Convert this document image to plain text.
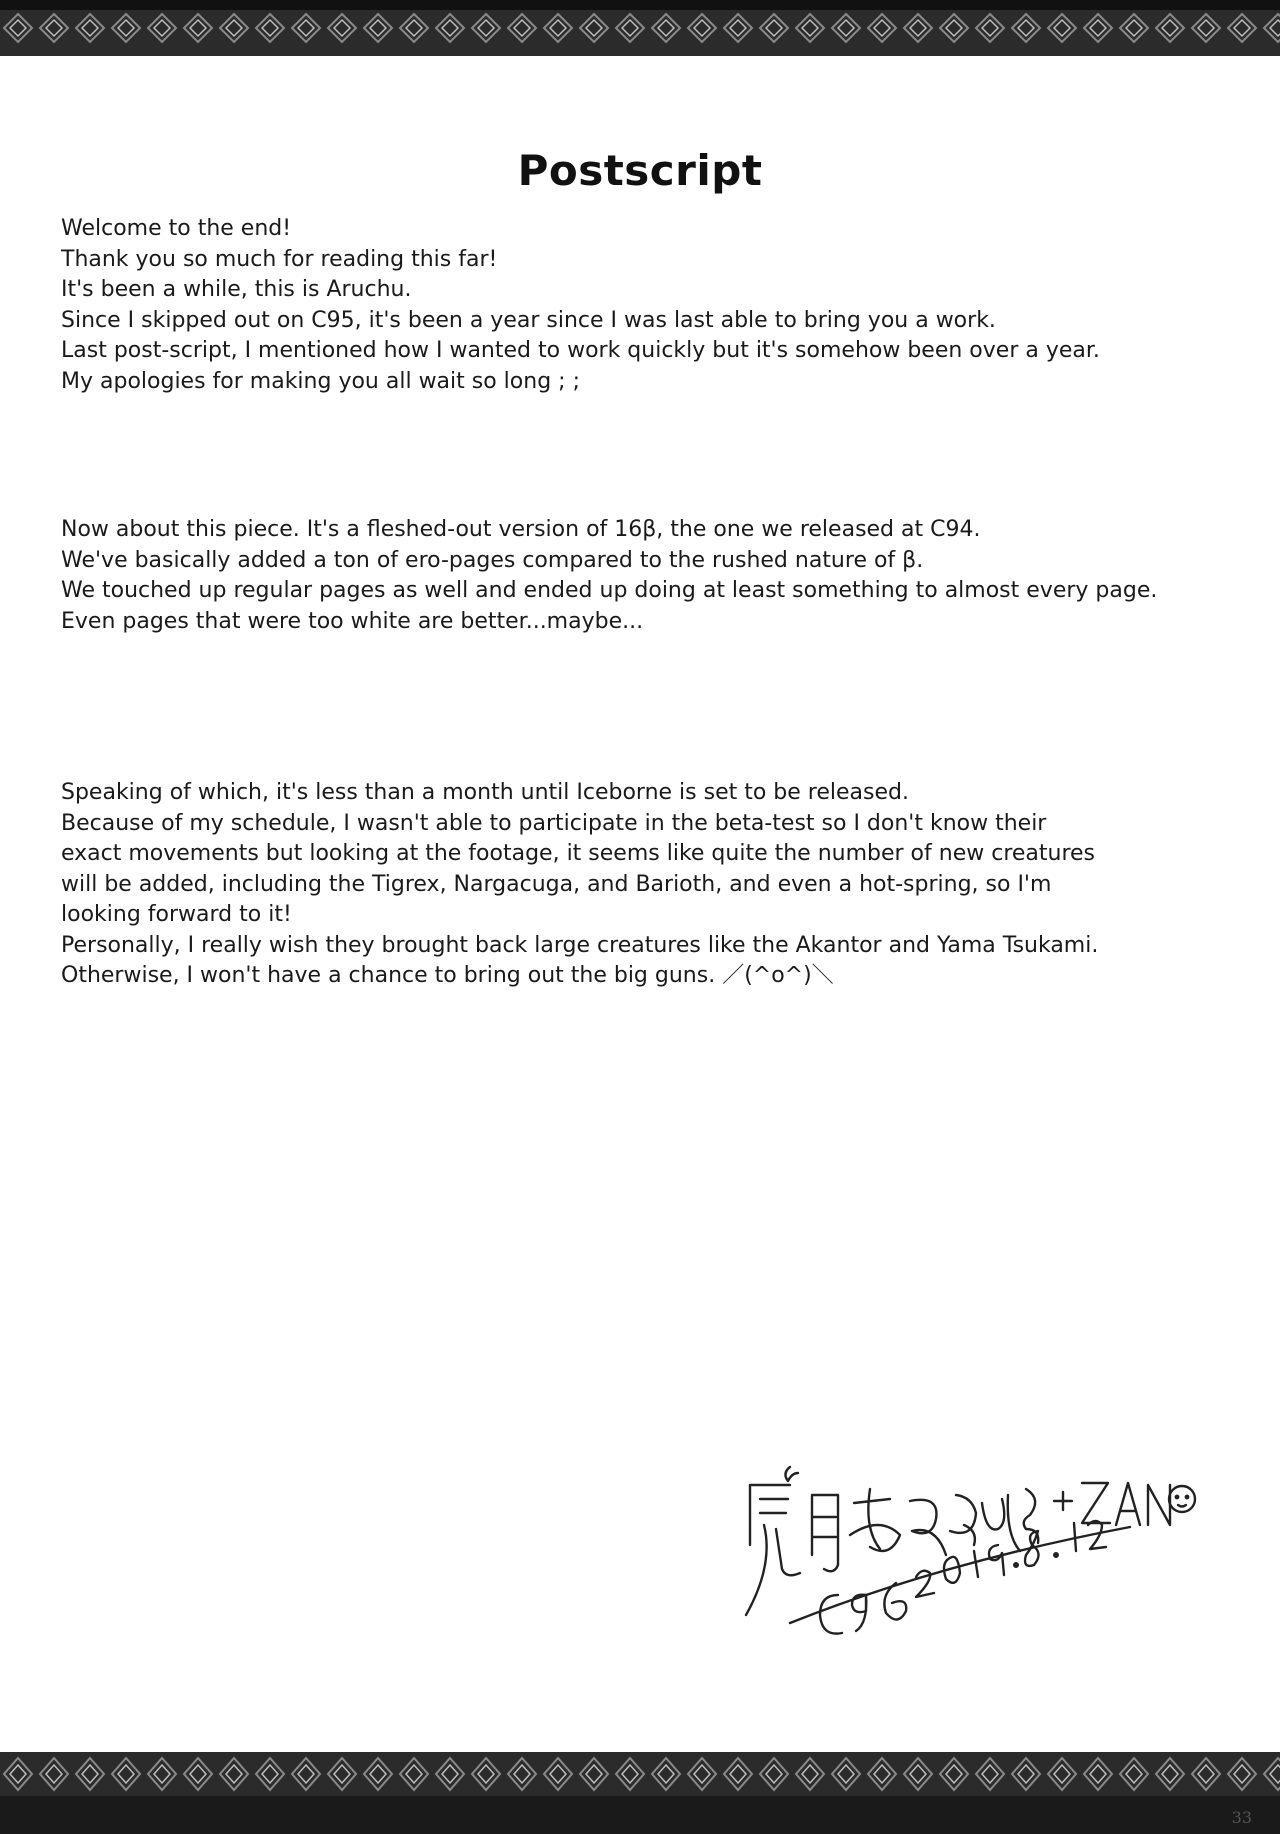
Postscript

Welcome to the end!
Thank you so much for reading this far!
It's been a while, this is Aruchu.
Since I skipped out on C95, it's been a year since I was last able to bring you a work.
Last post-script, I mentioned how I wanted to work quickly but it's somehow been over a year.
My apologies for making you all wait so long ; ;

Now about this piece. It's a fleshed-out version of 16β, the one we released at C94.
We've basically added a ton of ero-pages compared to the rushed nature of β.
We touched up regular pages as well and ended up doing at least something to almost every page.
Even pages that were too white are better...maybe...

Speaking of which, it's less than a month until Iceborne is set to be released.
Because of my schedule, I wasn't able to participate in the beta-test so I don't know their
exact movements but looking at the footage, it seems like quite the number of new creatures
will be added, including the Tigrex, Nargacuga, and Barioth, and even a hot-spring, so I'm
looking forward to it!
Personally, I really wish they brought back large creatures like the Akantor and Yama Tsukami.
Otherwise, I won't have a chance to bring out the big guns. ／(^o^)＼

33
